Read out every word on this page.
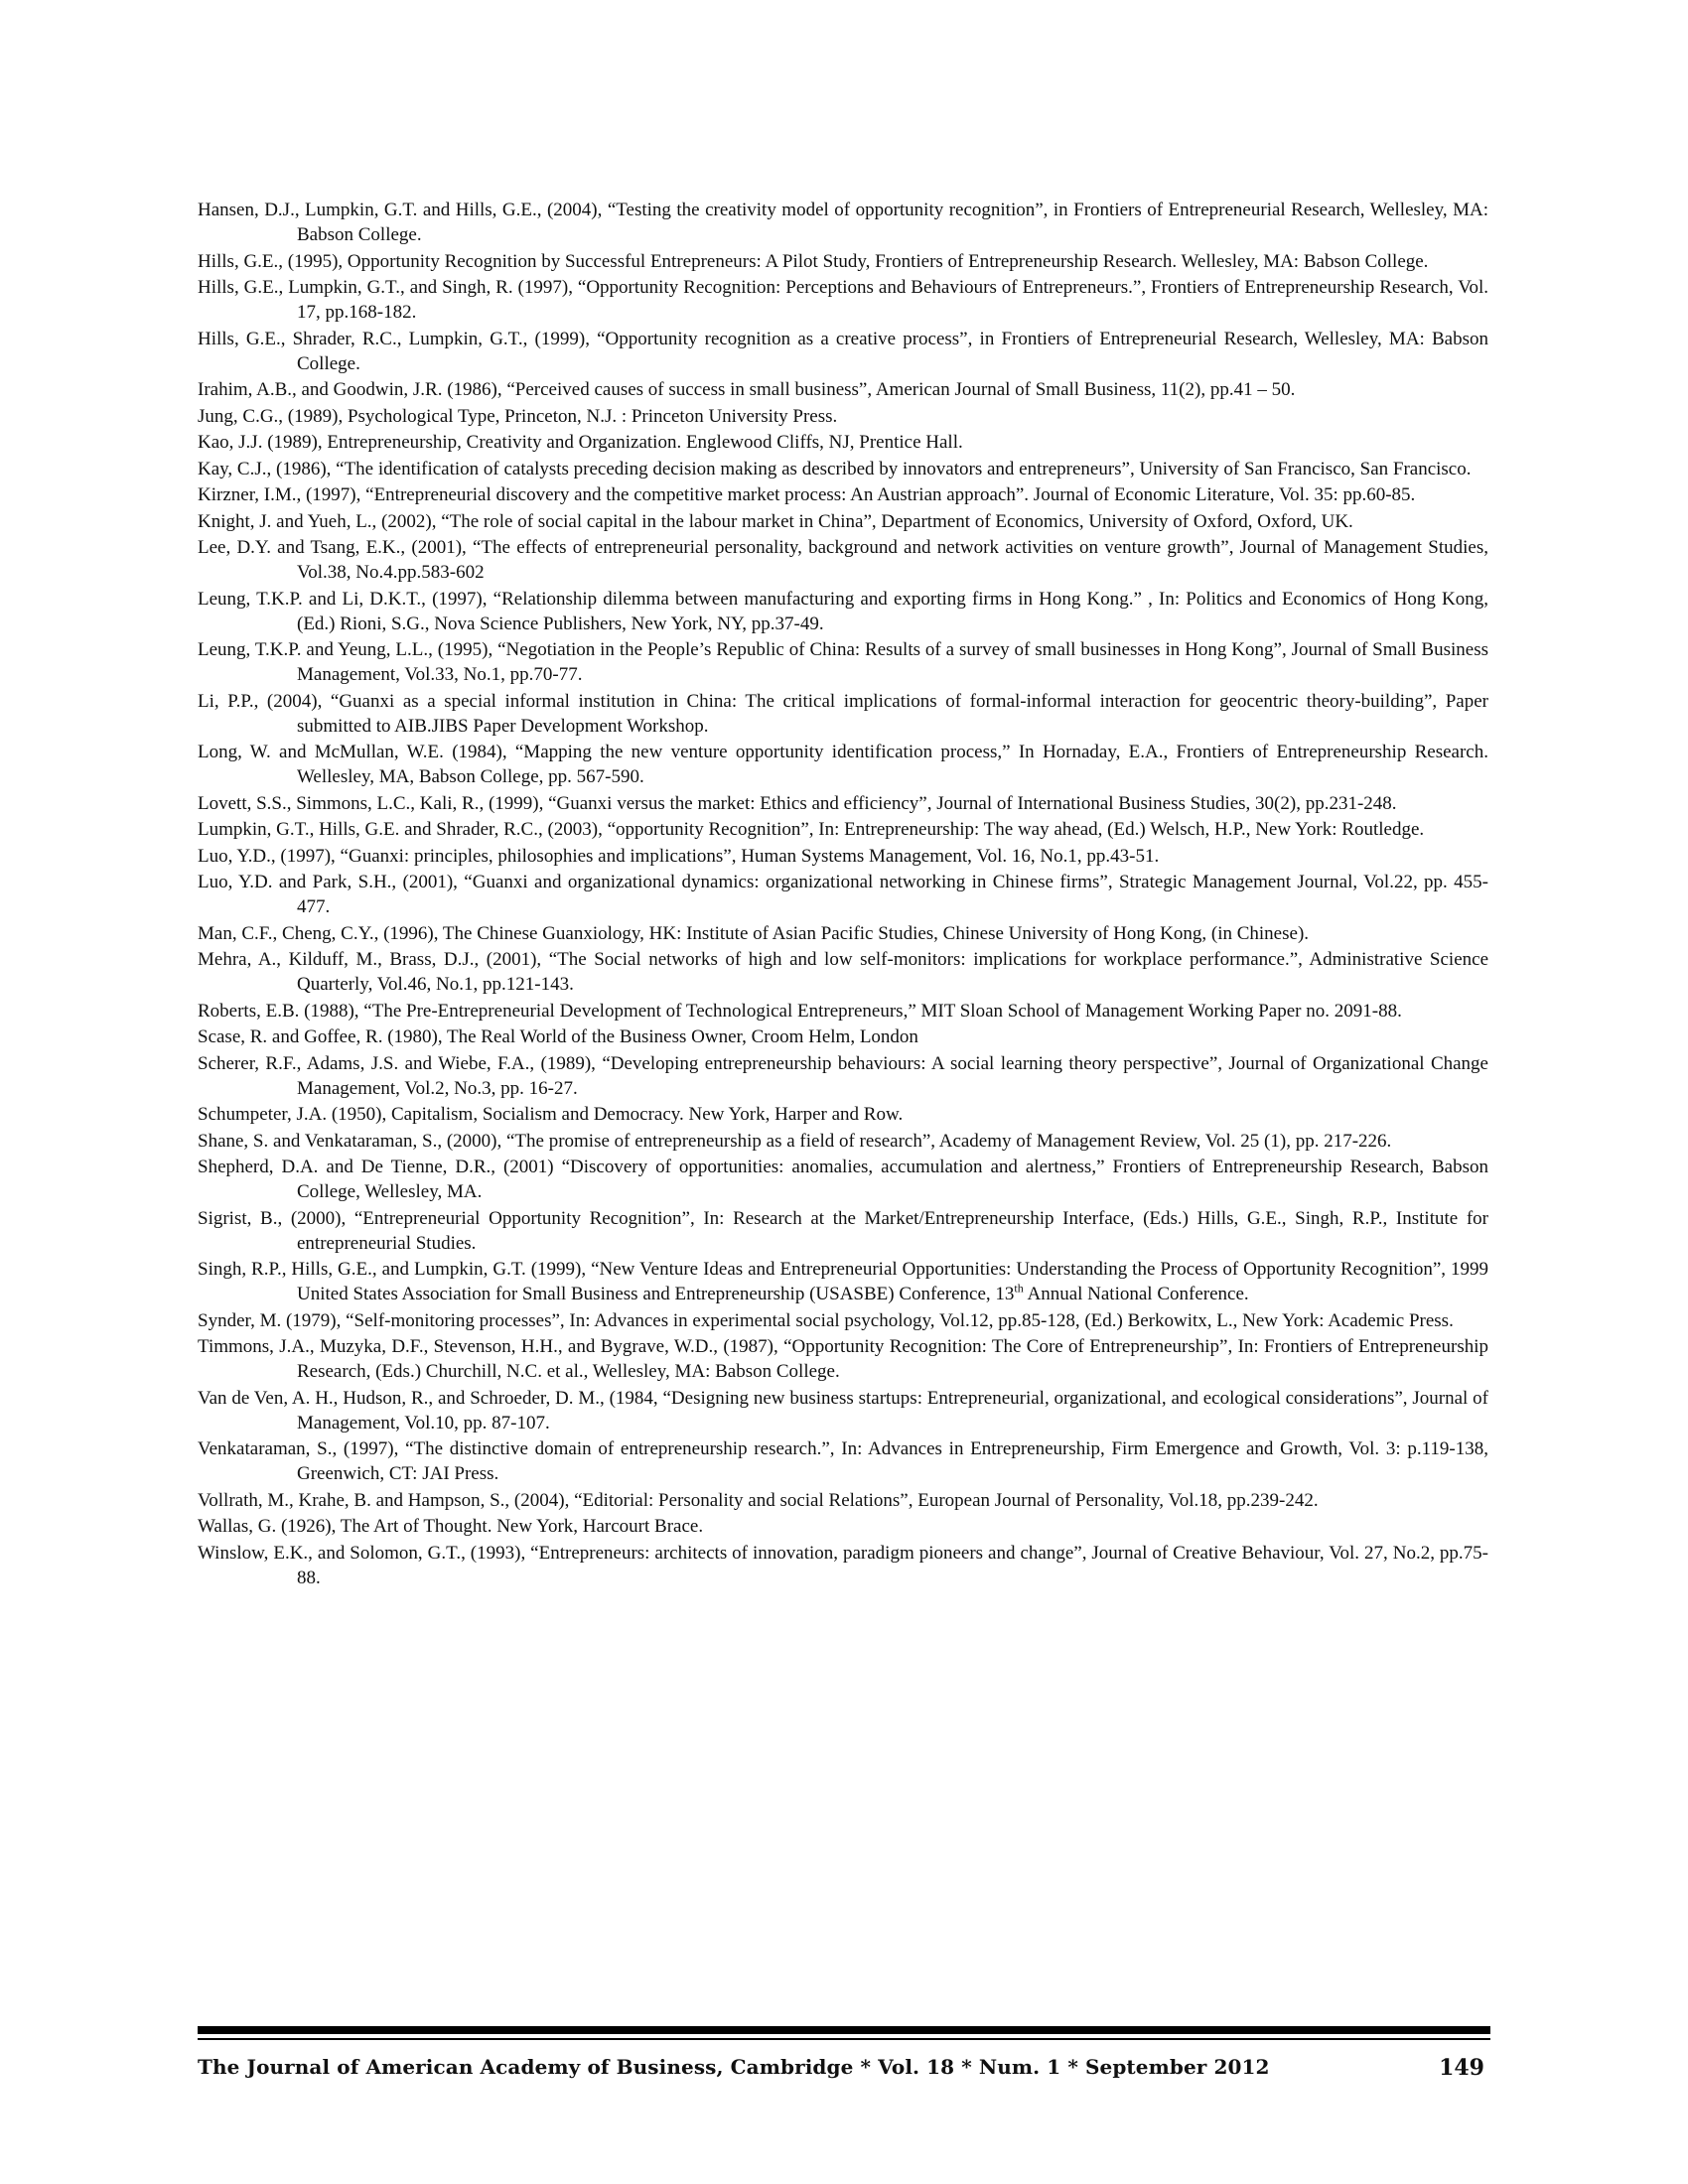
Hansen, D.J., Lumpkin, G.T. and Hills, G.E., (2004), “Testing the creativity model of opportunity recognition”, in Frontiers of Entrepreneurial Research, Wellesley, MA: Babson College.

Hills, G.E., (1995), Opportunity Recognition by Successful Entrepreneurs: A Pilot Study, Frontiers of Entrepreneurship Research. Wellesley, MA: Babson College.

Hills, G.E., Lumpkin, G.T., and Singh, R. (1997), “Opportunity Recognition: Perceptions and Behaviours of Entrepreneurs.”, Frontiers of Entrepreneurship Research, Vol. 17, pp.168-182.

Hills, G.E., Shrader, R.C., Lumpkin, G.T., (1999), “Opportunity recognition as a creative process”, in Frontiers of Entrepreneurial Research, Wellesley, MA: Babson College.

Irahim, A.B., and Goodwin, J.R. (1986), “Perceived causes of success in small business”, American Journal of Small Business, 11(2), pp.41 – 50.

Jung, C.G., (1989), Psychological Type, Princeton, N.J. : Princeton University Press.

Kao, J.J. (1989), Entrepreneurship, Creativity and Organization. Englewood Cliffs, NJ, Prentice Hall.

Kay, C.J., (1986), “The identification of catalysts preceding decision making as described by innovators and entrepreneurs”, University of San Francisco, San Francisco.

Kirzner, I.M., (1997), “Entrepreneurial discovery and the competitive market process: An Austrian approach”. Journal of Economic Literature, Vol. 35: pp.60-85.

Knight, J. and Yueh, L., (2002), “The role of social capital in the labour market in China”, Department of Economics, University of Oxford, Oxford, UK.

Lee, D.Y. and Tsang, E.K., (2001), “The effects of entrepreneurial personality, background and network activities on venture growth”, Journal of Management Studies, Vol.38, No.4.pp.583-602

Leung, T.K.P. and Li, D.K.T., (1997), “Relationship dilemma between manufacturing and exporting firms in Hong Kong.” , In: Politics and Economics of Hong Kong, (Ed.) Rioni, S.G., Nova Science Publishers, New York, NY, pp.37-49.

Leung, T.K.P. and Yeung, L.L., (1995), “Negotiation in the People’s Republic of China: Results of a survey of small businesses in Hong Kong”, Journal of Small Business Management, Vol.33, No.1, pp.70-77.

Li, P.P., (2004), “Guanxi as a special informal institution in China: The critical implications of formal-informal interaction for geocentric theory-building”, Paper submitted to AIB.JIBS Paper Development Workshop.

Long, W. and McMullan, W.E. (1984), “Mapping the new venture opportunity identification process,” In Hornaday, E.A., Frontiers of Entrepreneurship Research. Wellesley, MA, Babson College, pp. 567-590.

Lovett, S.S., Simmons, L.C., Kali, R., (1999), “Guanxi versus the market: Ethics and efficiency”, Journal of International Business Studies, 30(2), pp.231-248.

Lumpkin, G.T., Hills, G.E. and Shrader, R.C., (2003), “opportunity Recognition”, In: Entrepreneurship: The way ahead, (Ed.) Welsch, H.P., New York: Routledge.

Luo, Y.D., (1997), “Guanxi: principles, philosophies and implications”, Human Systems Management, Vol. 16, No.1, pp.43-51.

Luo, Y.D. and Park, S.H., (2001), “Guanxi and organizational dynamics: organizational networking in Chinese firms”, Strategic Management Journal, Vol.22, pp. 455-477.

Man, C.F., Cheng, C.Y., (1996), The Chinese Guanxiology, HK: Institute of Asian Pacific Studies, Chinese University of Hong Kong, (in Chinese).

Mehra, A., Kilduff, M., Brass, D.J., (2001), “The Social networks of high and low self-monitors: implications for workplace performance.”, Administrative Science Quarterly, Vol.46, No.1, pp.121-143.

Roberts, E.B. (1988), “The Pre-Entrepreneurial Development of Technological Entrepreneurs,” MIT Sloan School of Management Working Paper no. 2091-88.

Scase, R. and Goffee, R. (1980), The Real World of the Business Owner, Croom Helm, London

Scherer, R.F., Adams, J.S. and Wiebe, F.A., (1989), “Developing entrepreneurship behaviours: A social learning theory perspective”, Journal of Organizational Change Management, Vol.2, No.3, pp. 16-27.

Schumpeter, J.A. (1950), Capitalism, Socialism and Democracy. New York, Harper and Row.

Shane, S. and Venkataraman, S., (2000), “The promise of entrepreneurship as a field of research”, Academy of Management Review, Vol. 25 (1), pp. 217-226.

Shepherd, D.A. and De Tienne, D.R., (2001) “Discovery of opportunities: anomalies, accumulation and alertness,” Frontiers of Entrepreneurship Research, Babson College, Wellesley, MA.

Sigrist, B., (2000), “Entrepreneurial Opportunity Recognition”, In: Research at the Market/Entrepreneurship Interface, (Eds.) Hills, G.E., Singh, R.P., Institute for entrepreneurial Studies.

Singh, R.P., Hills, G.E., and Lumpkin, G.T. (1999), “New Venture Ideas and Entrepreneurial Opportunities: Understanding the Process of Opportunity Recognition”, 1999 United States Association for Small Business and Entrepreneurship (USASBE) Conference, 13th Annual National Conference.

Synder, M. (1979), “Self-monitoring processes”, In: Advances in experimental social psychology, Vol.12, pp.85-128, (Ed.) Berkowitx, L., New York: Academic Press.

Timmons, J.A., Muzyka, D.F., Stevenson, H.H., and Bygrave, W.D., (1987), “Opportunity Recognition: The Core of Entrepreneurship”, In: Frontiers of Entrepreneurship Research, (Eds.) Churchill, N.C. et al., Wellesley, MA: Babson College.

Van de Ven, A. H., Hudson, R., and Schroeder, D. M., (1984, “Designing new business startups: Entrepreneurial, organizational, and ecological considerations”, Journal of Management, Vol.10, pp. 87-107.

Venkataraman, S., (1997), “The distinctive domain of entrepreneurship research.”, In: Advances in Entrepreneurship, Firm Emergence and Growth, Vol. 3: p.119-138, Greenwich, CT: JAI Press.

Vollrath, M., Krahe, B. and Hampson, S., (2004), “Editorial: Personality and social Relations”, European Journal of Personality, Vol.18, pp.239-242.

Wallas, G. (1926), The Art of Thought. New York, Harcourt Brace.

Winslow, E.K., and Solomon, G.T., (1993), “Entrepreneurs: architects of innovation, paradigm pioneers and change”, Journal of Creative Behaviour, Vol. 27, No.2, pp.75-88.

The Journal of American Academy of Business, Cambridge * Vol. 18 * Num. 1 * September 2012	149
